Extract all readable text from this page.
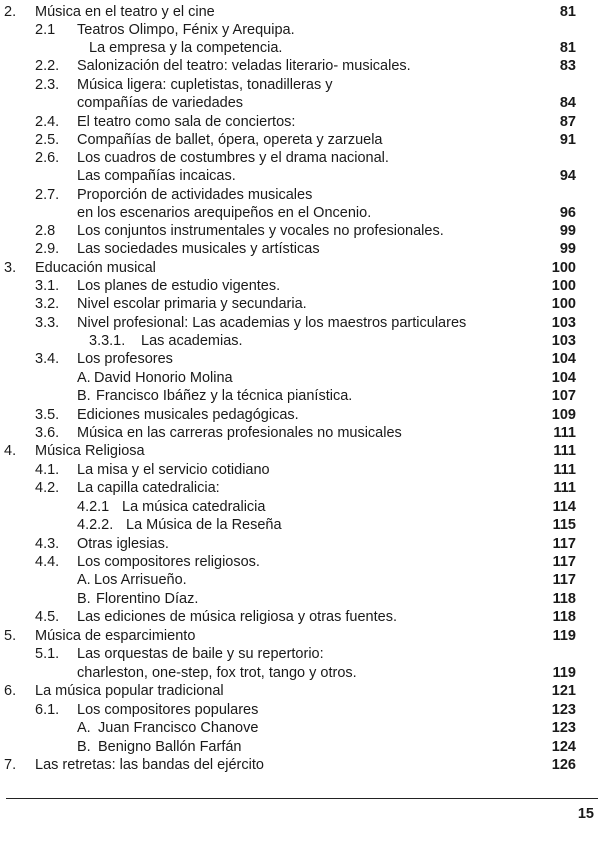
2. Música en el teatro y el cine	81
2.1 Teatros Olimpo, Fénix y Arequipa.
La empresa y la competencia.	81
2.2. Salonización del teatro: veladas literario- musicales.	83
2.3. Música ligera: cupletistas, tonadilleras y
compañías de variedades	84
2.4. El teatro como sala de conciertos:	87
2.5. Compañías de ballet, ópera, opereta y zarzuela	91
2.6. Los cuadros de costumbres y el drama nacional.
Las compañías incaicas.	94
2.7. Proporción de actividades musicales
en los escenarios arequipeños en el Oncenio.	96
2.8 Los conjuntos instrumentales y vocales no profesionales.	99
2.9. Las sociedades musicales y artísticas	99
3. Educación musical	100
3.1. Los planes de estudio vigentes.	100
3.2. Nivel escolar primaria y secundaria.	100
3.3. Nivel profesional: Las academias y los maestros particulares	103
3.3.1. Las academias.	103
3.4. Los profesores	104
A. David Honorio Molina	104
B. Francisco Ibáñez y la técnica pianística.	107
3.5. Ediciones musicales pedagógicas.	109
3.6. Música en las carreras profesionales no musicales	111
4. Música Religiosa	111
4.1. La misa y el servicio cotidiano	111
4.2. La capilla catedralicia:	111
4.2.1 La música catedralicia	114
4.2.2. La Música de la Reseña	115
4.3. Otras iglesias.	117
4.4. Los compositores religiosos.	117
A. Los Arrisueño.	117
B. Florentino Díaz.	118
4.5. Las ediciones de música religiosa y otras fuentes.	118
5. Música de esparcimiento	119
5.1. Las orquestas de baile y su repertorio:
charleston, one-step, fox trot, tango y otros.	119
6. La música popular tradicional	121
6.1. Los compositores populares	123
A. Juan Francisco Chanove	123
B. Benigno Ballón Farfán	124
7. Las retretas: las bandas del ejército	126
15
